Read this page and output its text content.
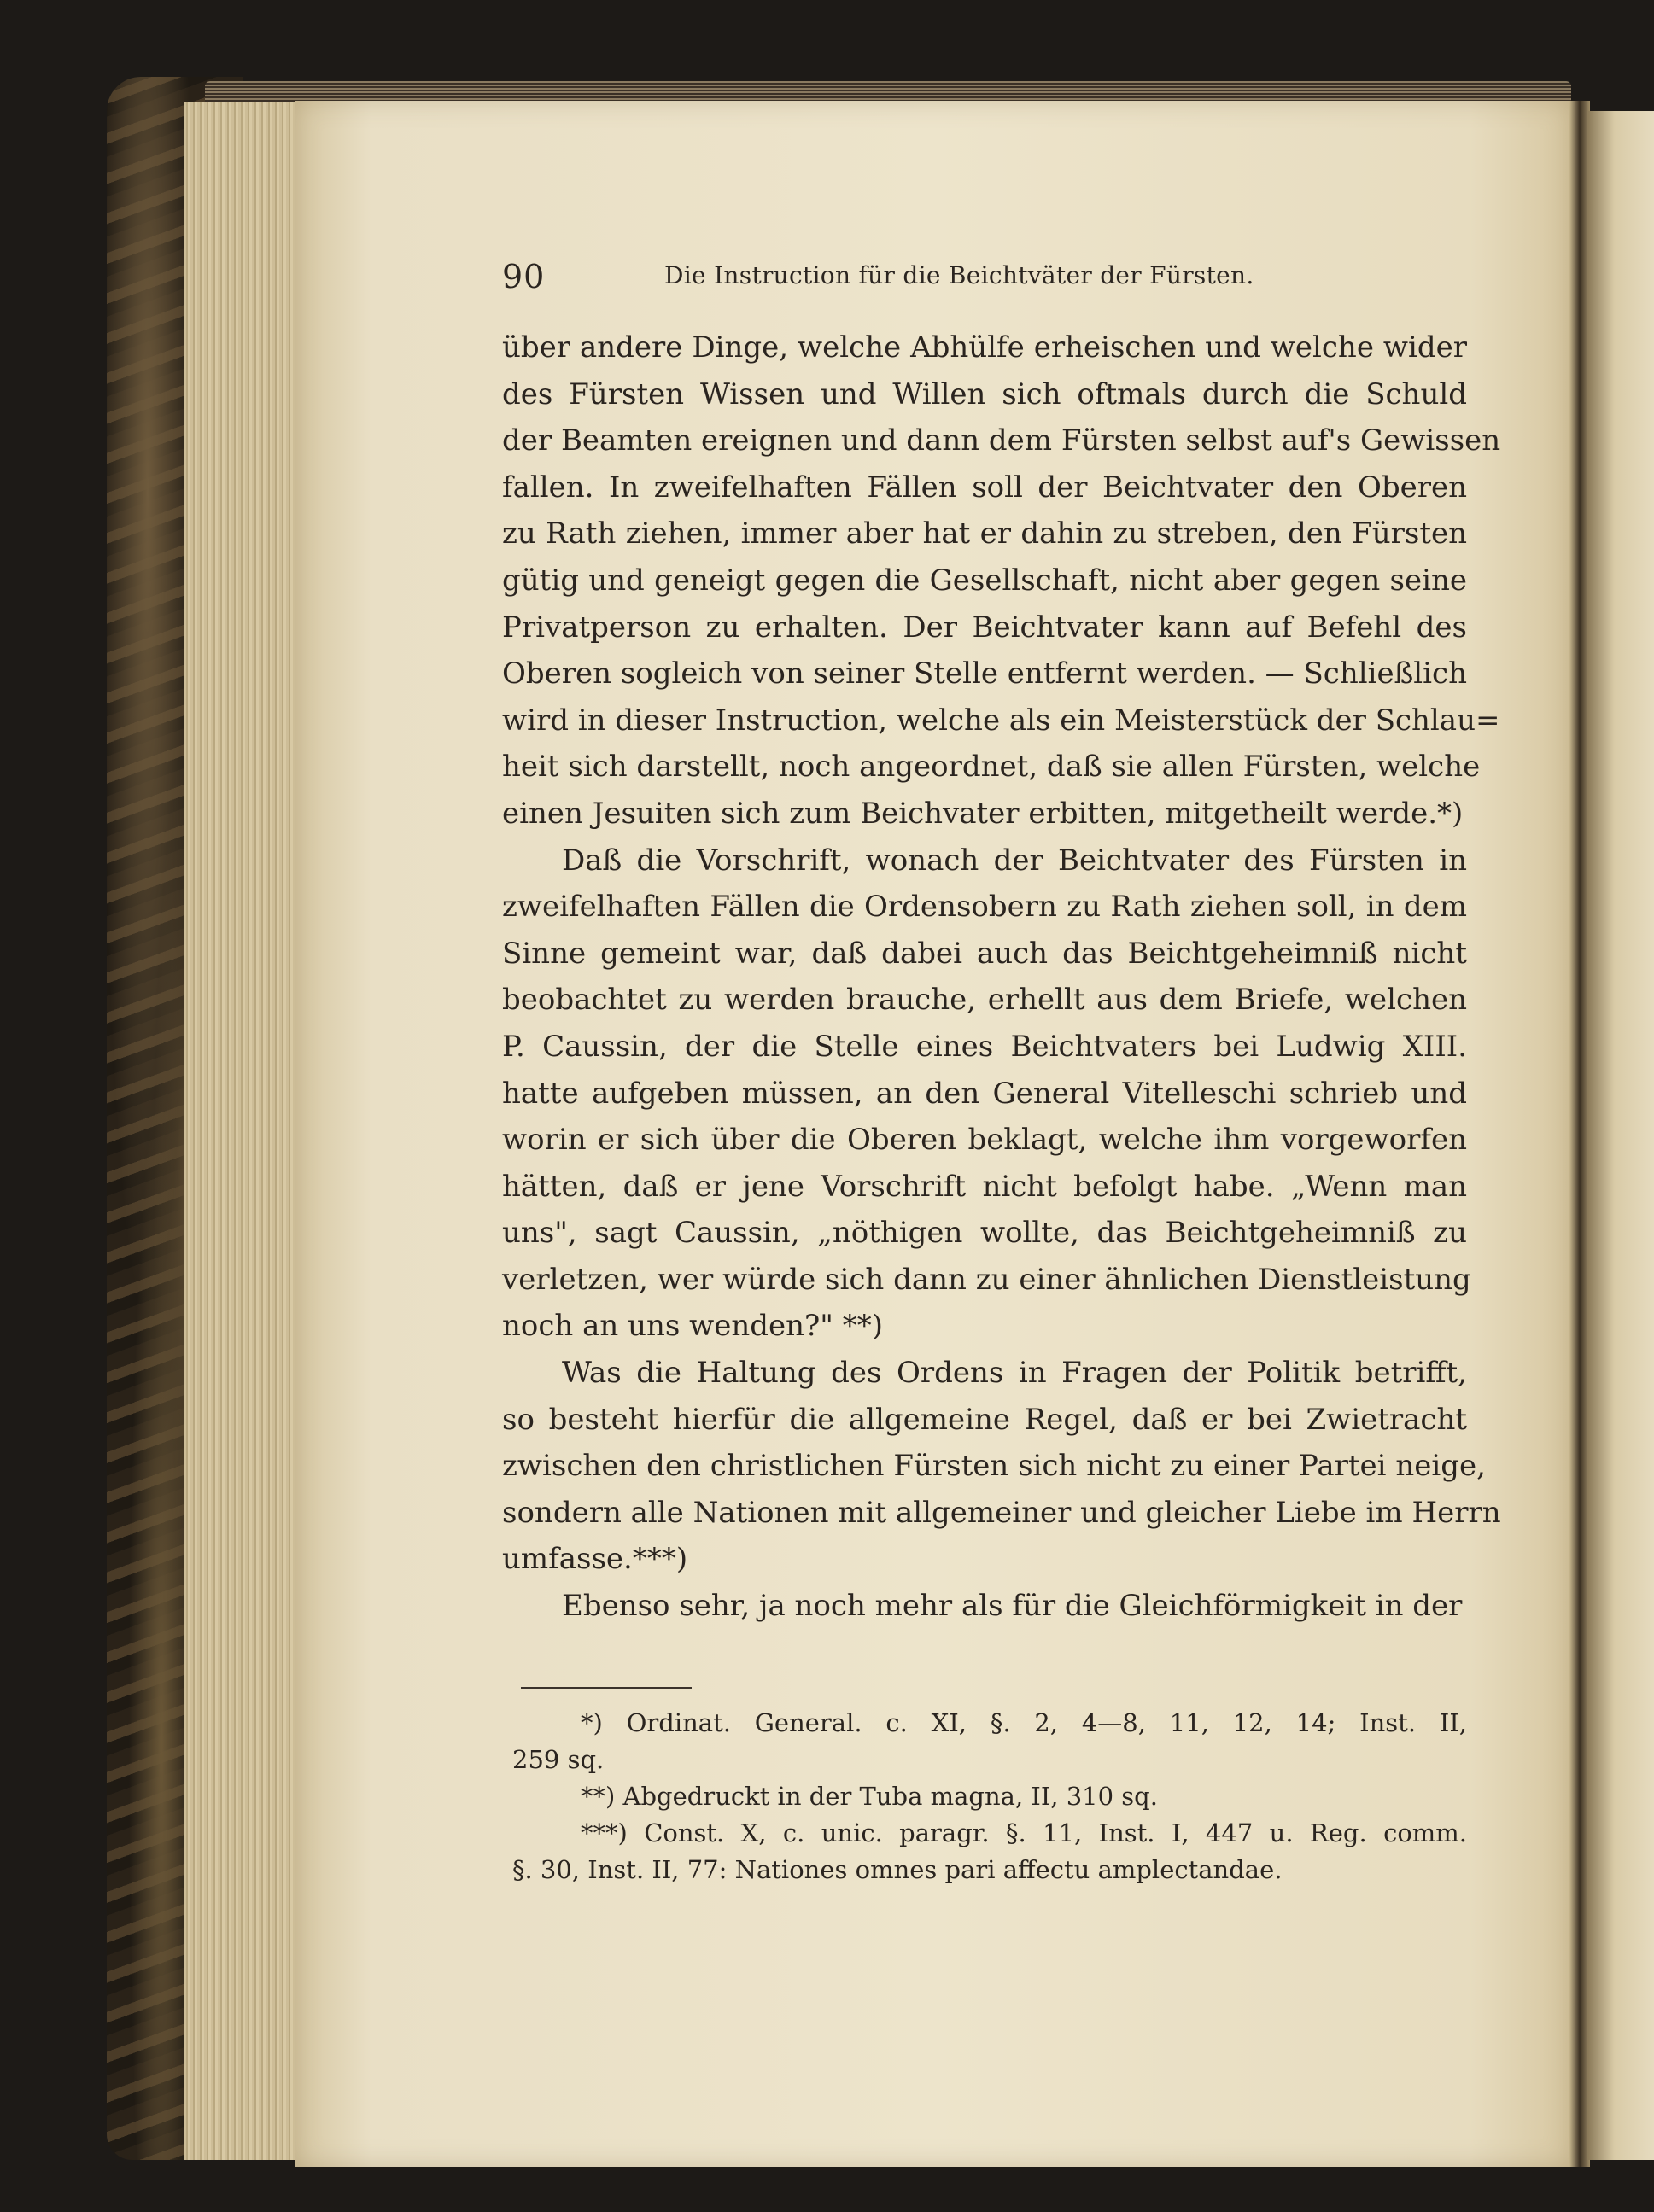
90	Die Instruction für die Beichtväter der Fürsten.
über andere Dinge, welche Abhülfe erheischen und welche wider
des Fürsten Wissen und Willen sich oftmals durch die Schuld
der Beamten ereignen und dann dem Fürsten selbst auf's Gewissen
fallen. In zweifelhaften Fällen soll der Beichtvater den Oberen
zu Rath ziehen, immer aber hat er dahin zu streben, den Fürsten
gütig und geneigt gegen die Gesellschaft, nicht aber gegen seine
Privatperson zu erhalten. Der Beichtvater kann auf Befehl des
Oberen sogleich von seiner Stelle entfernt werden. — Schließlich
wird in dieser Instruction, welche als ein Meisterstück der Schlau=
heit sich darstellt, noch angeordnet, daß sie allen Fürsten, welche
einen Jesuiten sich zum Beichvater erbitten, mitgetheilt werde.*)
Daß die Vorschrift, wonach der Beichtvater des Fürsten in
zweifelhaften Fällen die Ordensobern zu Rath ziehen soll, in dem
Sinne gemeint war, daß dabei auch das Beichtgeheimniß nicht
beobachtet zu werden brauche, erhellt aus dem Briefe, welchen
P. Caussin, der die Stelle eines Beichtvaters bei Ludwig XIII.
hatte aufgeben müssen, an den General Vitelleschi schrieb und
worin er sich über die Oberen beklagt, welche ihm vorgeworfen
hätten, daß er jene Vorschrift nicht befolgt habe. „Wenn man
uns", sagt Caussin, „nöthigen wollte, das Beichtgeheimniß zu
verletzen, wer würde sich dann zu einer ähnlichen Dienstleistung
noch an uns wenden?" **)
Was die Haltung des Ordens in Fragen der Politik betrifft,
so besteht hierfür die allgemeine Regel, daß er bei Zwietracht
zwischen den christlichen Fürsten sich nicht zu einer Partei neige,
sondern alle Nationen mit allgemeiner und gleicher Liebe im Herrn
umfasse.***)
Ebenso sehr, ja noch mehr als für die Gleichförmigkeit in der
*) Ordinat. General. c. XI, §. 2, 4—8, 11, 12, 14; Inst. II,
259 sq.
**) Abgedruckt in der Tuba magna, II, 310 sq.
***) Const. X, c. unic. paragr. §. 11, Inst. I, 447 u. Reg. comm.
§. 30, Inst. II, 77: Nationes omnes pari affectu amplectandae.
